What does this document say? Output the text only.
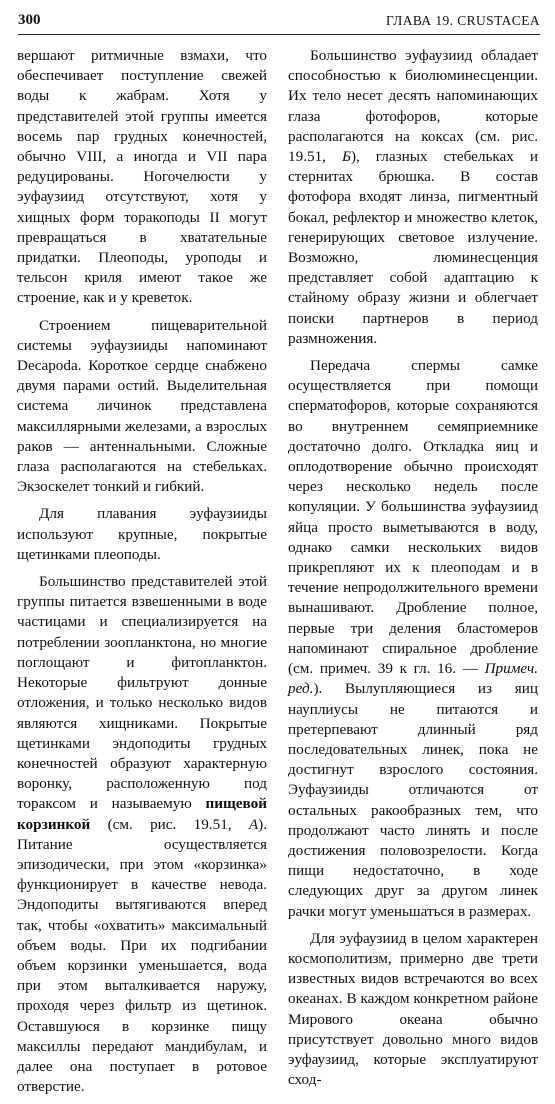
300	ГЛАВА 19. CRUSTACEA

вершают ритмичные взмахи, что обеспечивает поступление свежей воды к жабрам. Хотя у представителей этой группы имеется восемь пар грудных конечностей, обычно VIII, а иногда и VII пара редуцированы. Ногочелюсти у эуфаузиид отсутствуют, хотя у хищных форм торакоподы II могут превращаться в хватательные придатки. Плеоподы, уроподы и тельсон криля имеют такое же строение, как и у креветок.

Строением пищеварительной системы эуфаузииды напоминают Decapoda. Короткое сердце снабжено двумя парами остий. Выделительная система личинок представлена максиллярными железами, а взрослых раков — антеннальными. Сложные глаза располагаются на стебельках. Экзоскелет тонкий и гибкий.

Для плавания эуфаузииды используют крупные, покрытые щетинками плеоподы.

Большинство представителей этой группы питается взвешенными в воде частицами и специализируется на потреблении зоопланктона, но многие поглощают и фитопланктон. Некоторые фильтруют донные отложения, и только несколько видов являются хищниками. Покрытые щетинками эндоподиты грудных конечностей образуют характерную воронку, расположенную под тораксом и называемую пищевой корзинкой (см. рис. 19.51, А). Питание осуществляется эпизодически, при этом «корзинка» функционирует в качестве невода. Эндоподиты вытягиваются вперед так, чтобы «охватить» максимальный объем воды. При их подгибании объем корзинки уменьшается, вода при этом выталкивается наружу, проходя через фильтр из щетинок. Оставшуюся в корзинке пищу максиллы передают мандибулам, и далее она поступает в ротовое отверстие.

Большинство эуфаузиид обладает способностью к биолюминесценции. Их тело несет десять напоминающих глаза фотофоров, которые располагаются на коксах (см. рис. 19.51, Б), глазных стебельках и стернитах брюшка. В состав фотофора входят линза, пигментный бокал, рефлектор и множество клеток, генерирующих световое излучение. Возможно, люминесценция представляет собой адаптацию к стайному образу жизни и облегчает поиски партнеров в период размножения.

Передача спермы самке осуществляется при помощи сперматофоров, которые сохраняются во внутреннем семяприемнике достаточно долго. Откладка яиц и оплодотворение обычно происходят через несколько недель после копуляции. У большинства эуфаузиид яйца просто выметываются в воду, однако самки нескольких видов прикрепляют их к плеоподам и в течение непродолжительного времени вынашивают. Дробление полное, первые три деления бластомеров напоминают спиральное дробление (см. примеч. 39 к гл. 16. — Примеч. ред.). Вылупляющиеся из яиц науплиусы не питаются и претерпевают длинный ряд последовательных линек, пока не достигнут взрослого состояния. Эуфаузииды отличаются от остальных ракообразных тем, что продолжают часто линять и после достижения половозрелости. Когда пищи недостаточно, в ходе следующих друг за другом линек рачки могут уменьшаться в размерах.

Для эуфаузиид в целом характерен космополитизм, примерно две трети известных видов встречаются во всех океанах. В каждом конкретном районе Мирового океана обычно присутствует довольно много видов эуфаузиид, которые эксплуатируют сход-
